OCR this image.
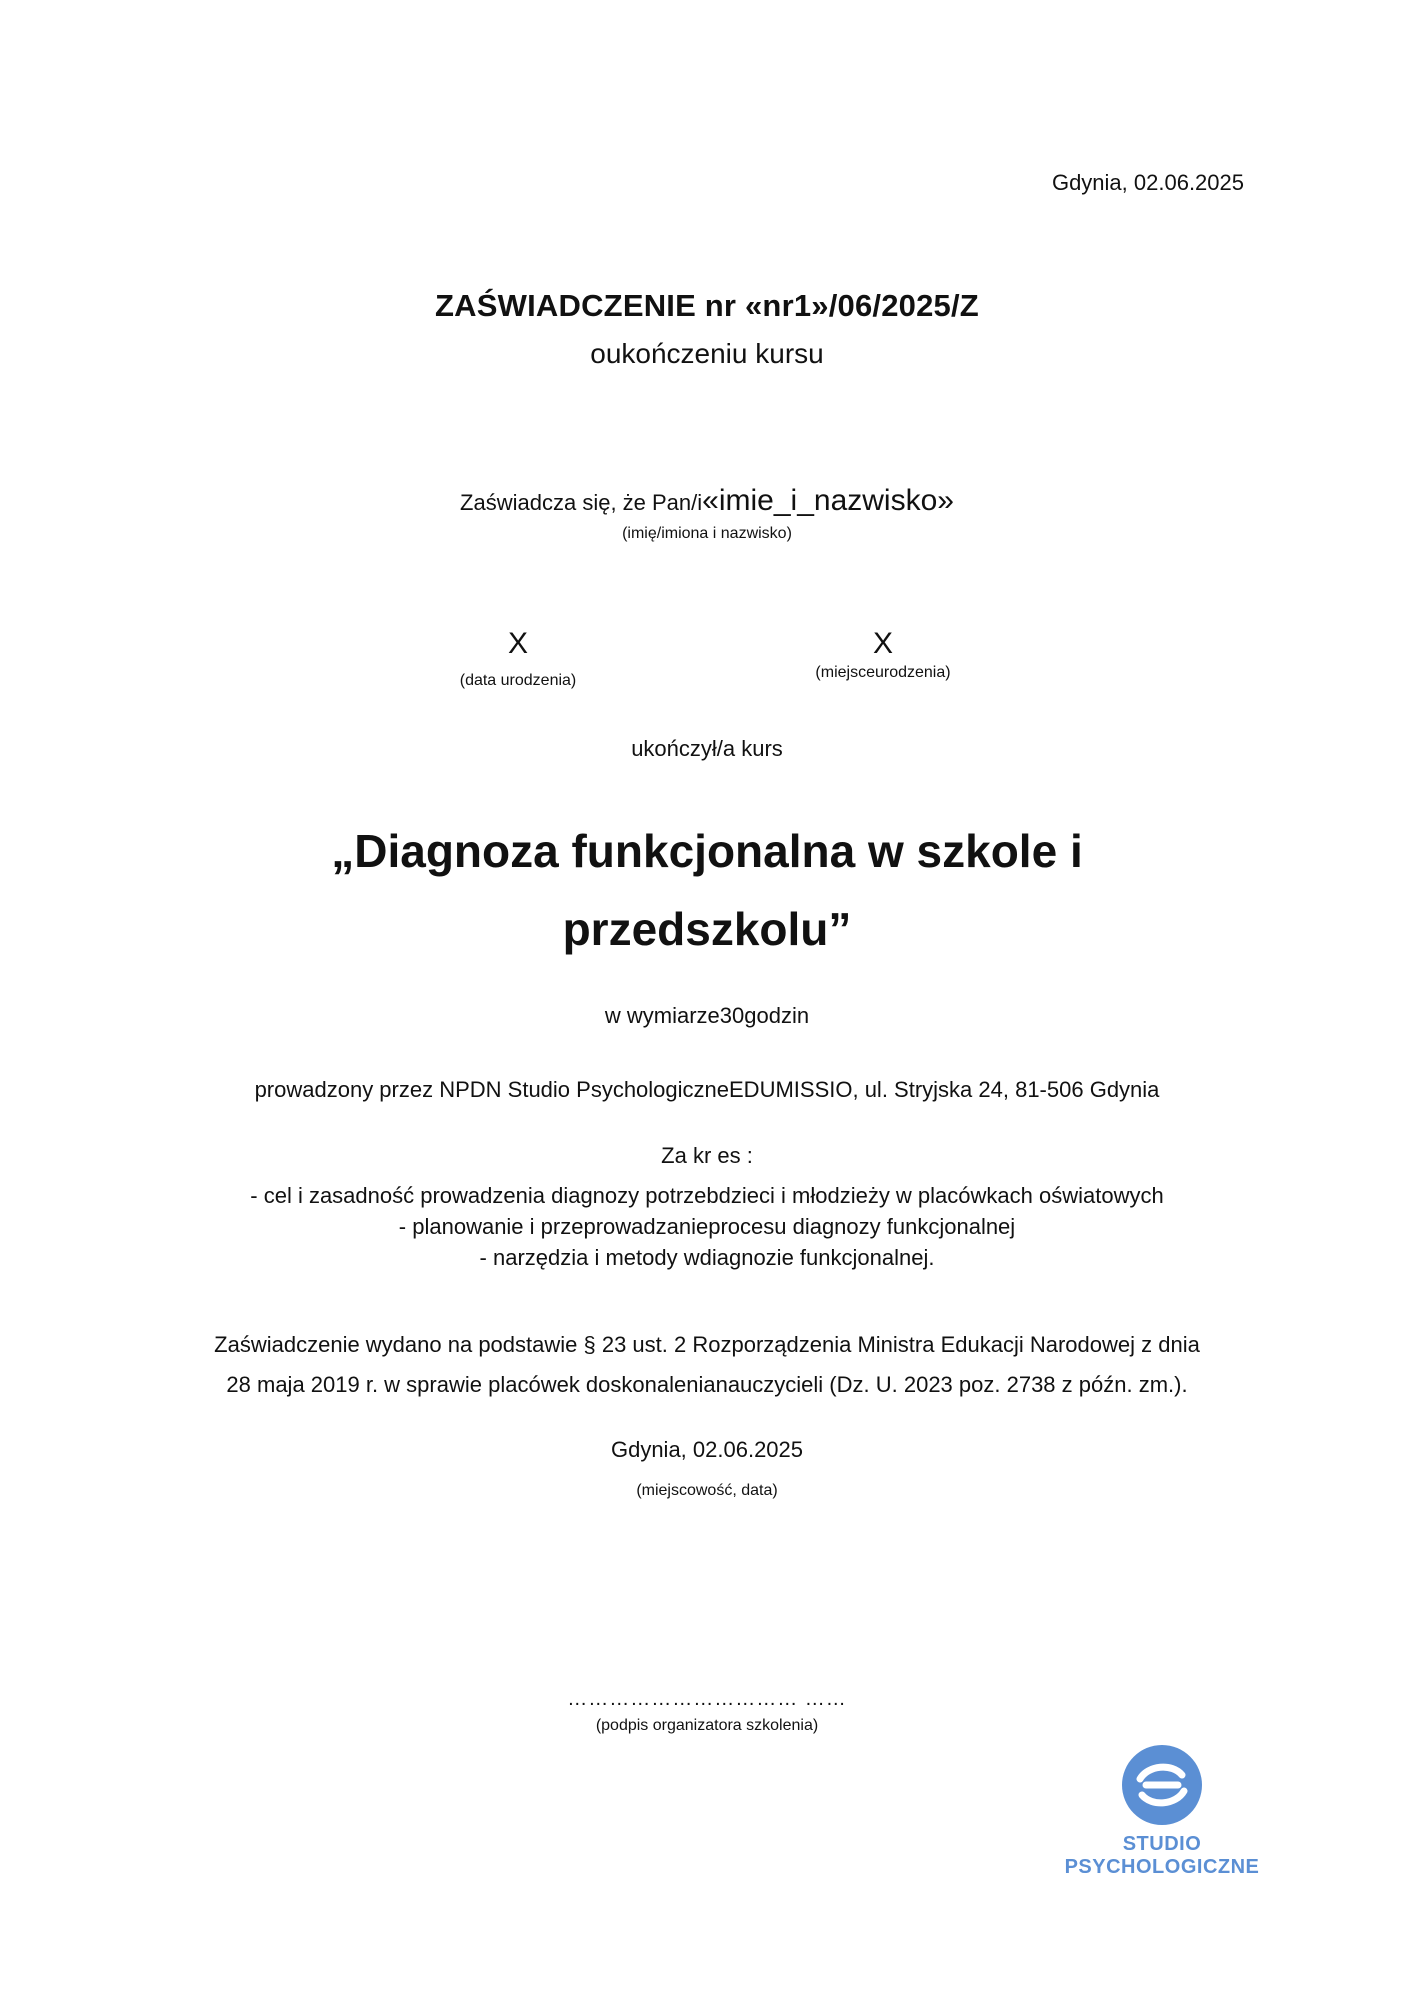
Gdynia, 02.06.2025
ZAŚWIADCZENIE nr «nr1»/06/2025/Z
oukończeniu kursu
Zaświadcza się, że Pan/i«imie_i_nazwisko»
(imię/imiona i nazwisko)
X	X
(data urodzenia)	(miejsceurodzenia)
ukończył/a kurs
„Diagnoza funkcjonalna w szkole i

przedszkolu”
w wymiarze30godzin
prowadzony przez NPDN Studio PsychologiczneEDUMISSIO, ul. Stryjska 24, 81-506 Gdynia
Za kr es :
- cel i zasadność prowadzenia diagnozy potrzebdzieci i młodzieży w placówkach oświatowych
- planowanie i przeprowadzanieprocesu diagnozy funkcjonalnej
- narzędzia i metody wdiagnozie funkcjonalnej.
Zaświadczenie wydano na podstawie § 23 ust. 2 Rozporządzenia Ministra Edukacji Narodowej z dnia
28 maja 2019 r. w sprawie placówek doskonalenianauczycieli (Dz. U. 2023 poz. 2738 z późn. zm.).
Gdynia, 02.06.2025
(miejscowość, data)
…………………………… ……
(podpis organizatora szkolenia)
STUDIO
PSYCHOLOGICZNE
